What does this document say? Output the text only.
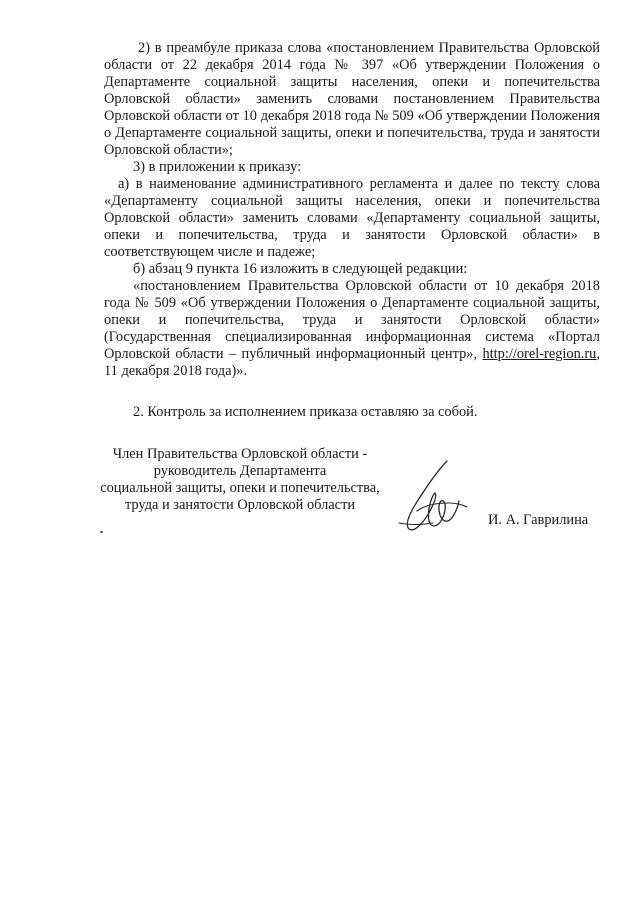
2) в преамбуле приказа слова «постановлением Правительства Орловской области от 22 декабря 2014 года № 397 «Об утверждении Положения о Департаменте социальной защиты населения, опеки и попечительства Орловской области» заменить словами постановлением Правительства Орловской области от 10 декабря 2018 года № 509 «Об утверждении Положения о Департаменте социальной защиты, опеки и попечительства, труда и занятости Орловской области»;

3) в приложении к приказу:

а) в наименование административного регламента и далее по тексту слова «Департаменту социальной защиты населения, опеки и попечительства Орловской области» заменить словами «Департаменту социальной защиты, опеки и попечительства, труда и занятости Орловской области» в соответствующем числе и падеже;

б) абзац 9 пункта 16 изложить в следующей редакции:

«постановлением Правительства Орловской области от 10 декабря 2018 года № 509 «Об утверждении Положения о Департаменте социальной защиты, опеки и попечительства, труда и занятости Орловской области» (Государственная специализированная информационная система «Портал Орловской области – публичный информационный центр», http://orel-region.ru, 11 декабря 2018 года)».

2. Контроль за исполнением приказа оставляю за собой.

Член Правительства Орловской области -
руководитель Департамента
социальной защиты, опеки и попечительства,
труда и занятости Орловской области
И. А. Гаврилина
